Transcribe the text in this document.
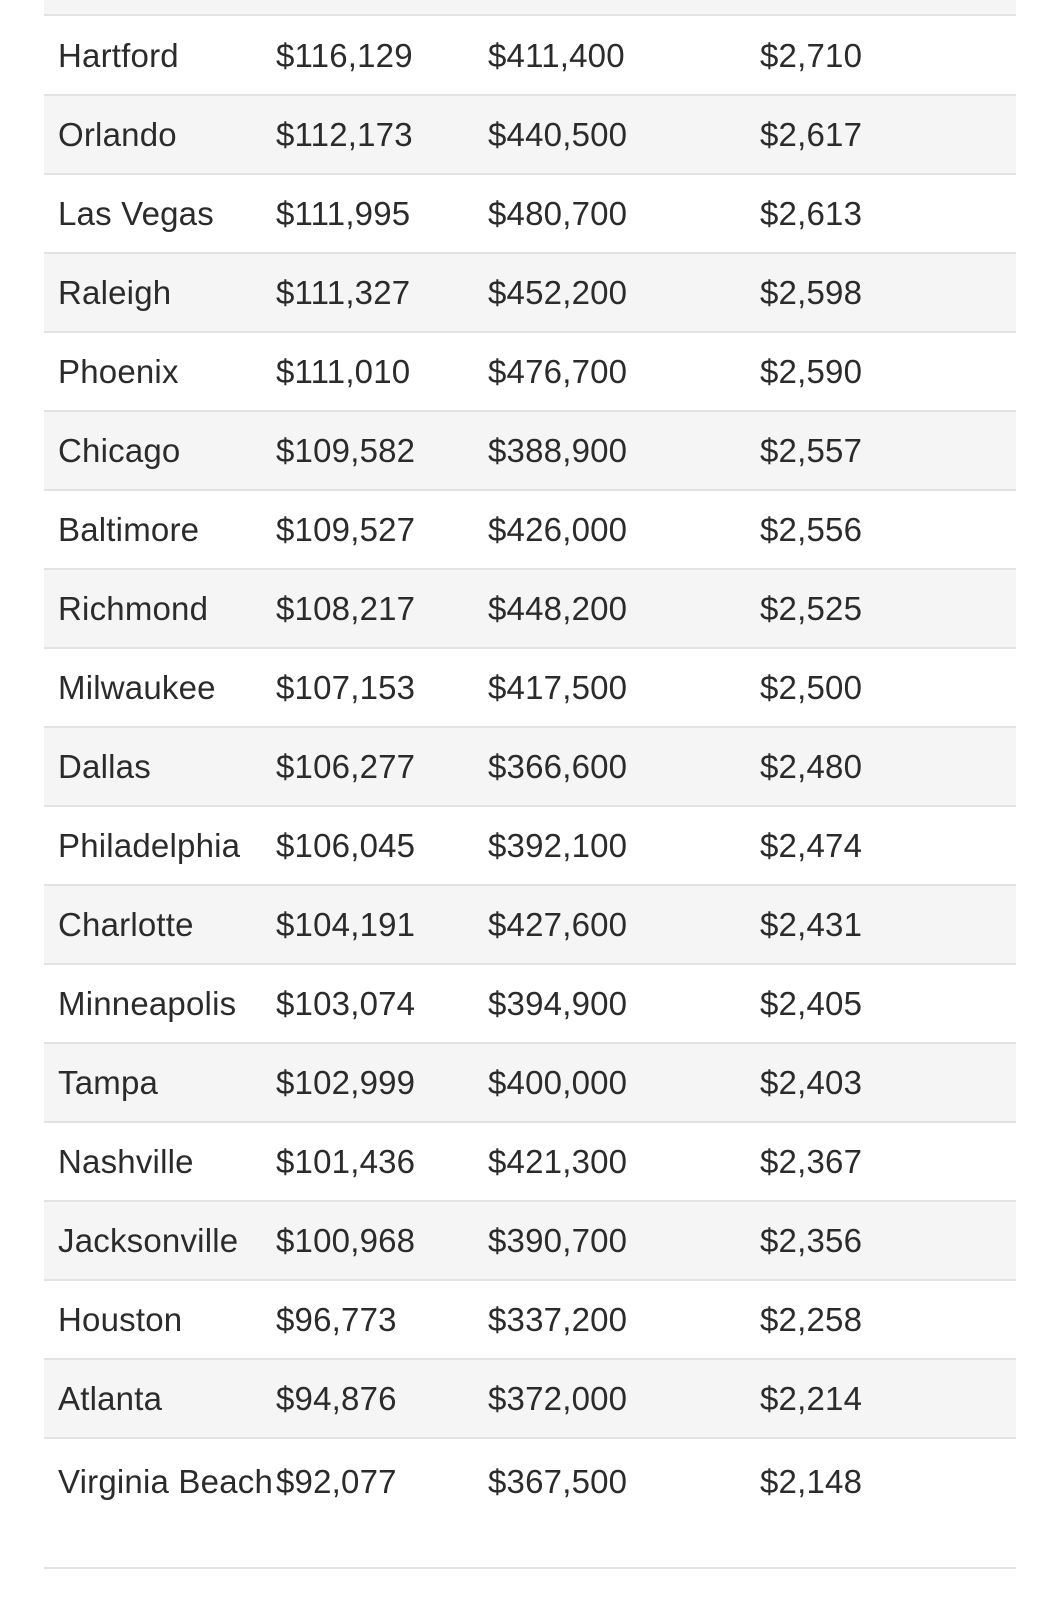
Hartford	$116,129	$411,400	$2,710
Orlando	$112,173	$440,500	$2,617
Las Vegas	$111,995	$480,700	$2,613
Raleigh	$111,327	$452,200	$2,598
Phoenix	$111,010	$476,700	$2,590
Chicago	$109,582	$388,900	$2,557
Baltimore	$109,527	$426,000	$2,556
Richmond	$108,217	$448,200	$2,525
Milwaukee	$107,153	$417,500	$2,500
Dallas	$106,277	$366,600	$2,480
Philadelphia	$106,045	$392,100	$2,474
Charlotte	$104,191	$427,600	$2,431
Minneapolis	$103,074	$394,900	$2,405
Tampa	$102,999	$400,000	$2,403
Nashville	$101,436	$421,300	$2,367
Jacksonville	$100,968	$390,700	$2,356
Houston	$96,773	$337,200	$2,258
Atlanta	$94,876	$372,000	$2,214
Virginia Beach	$92,077	$367,500	$2,148
